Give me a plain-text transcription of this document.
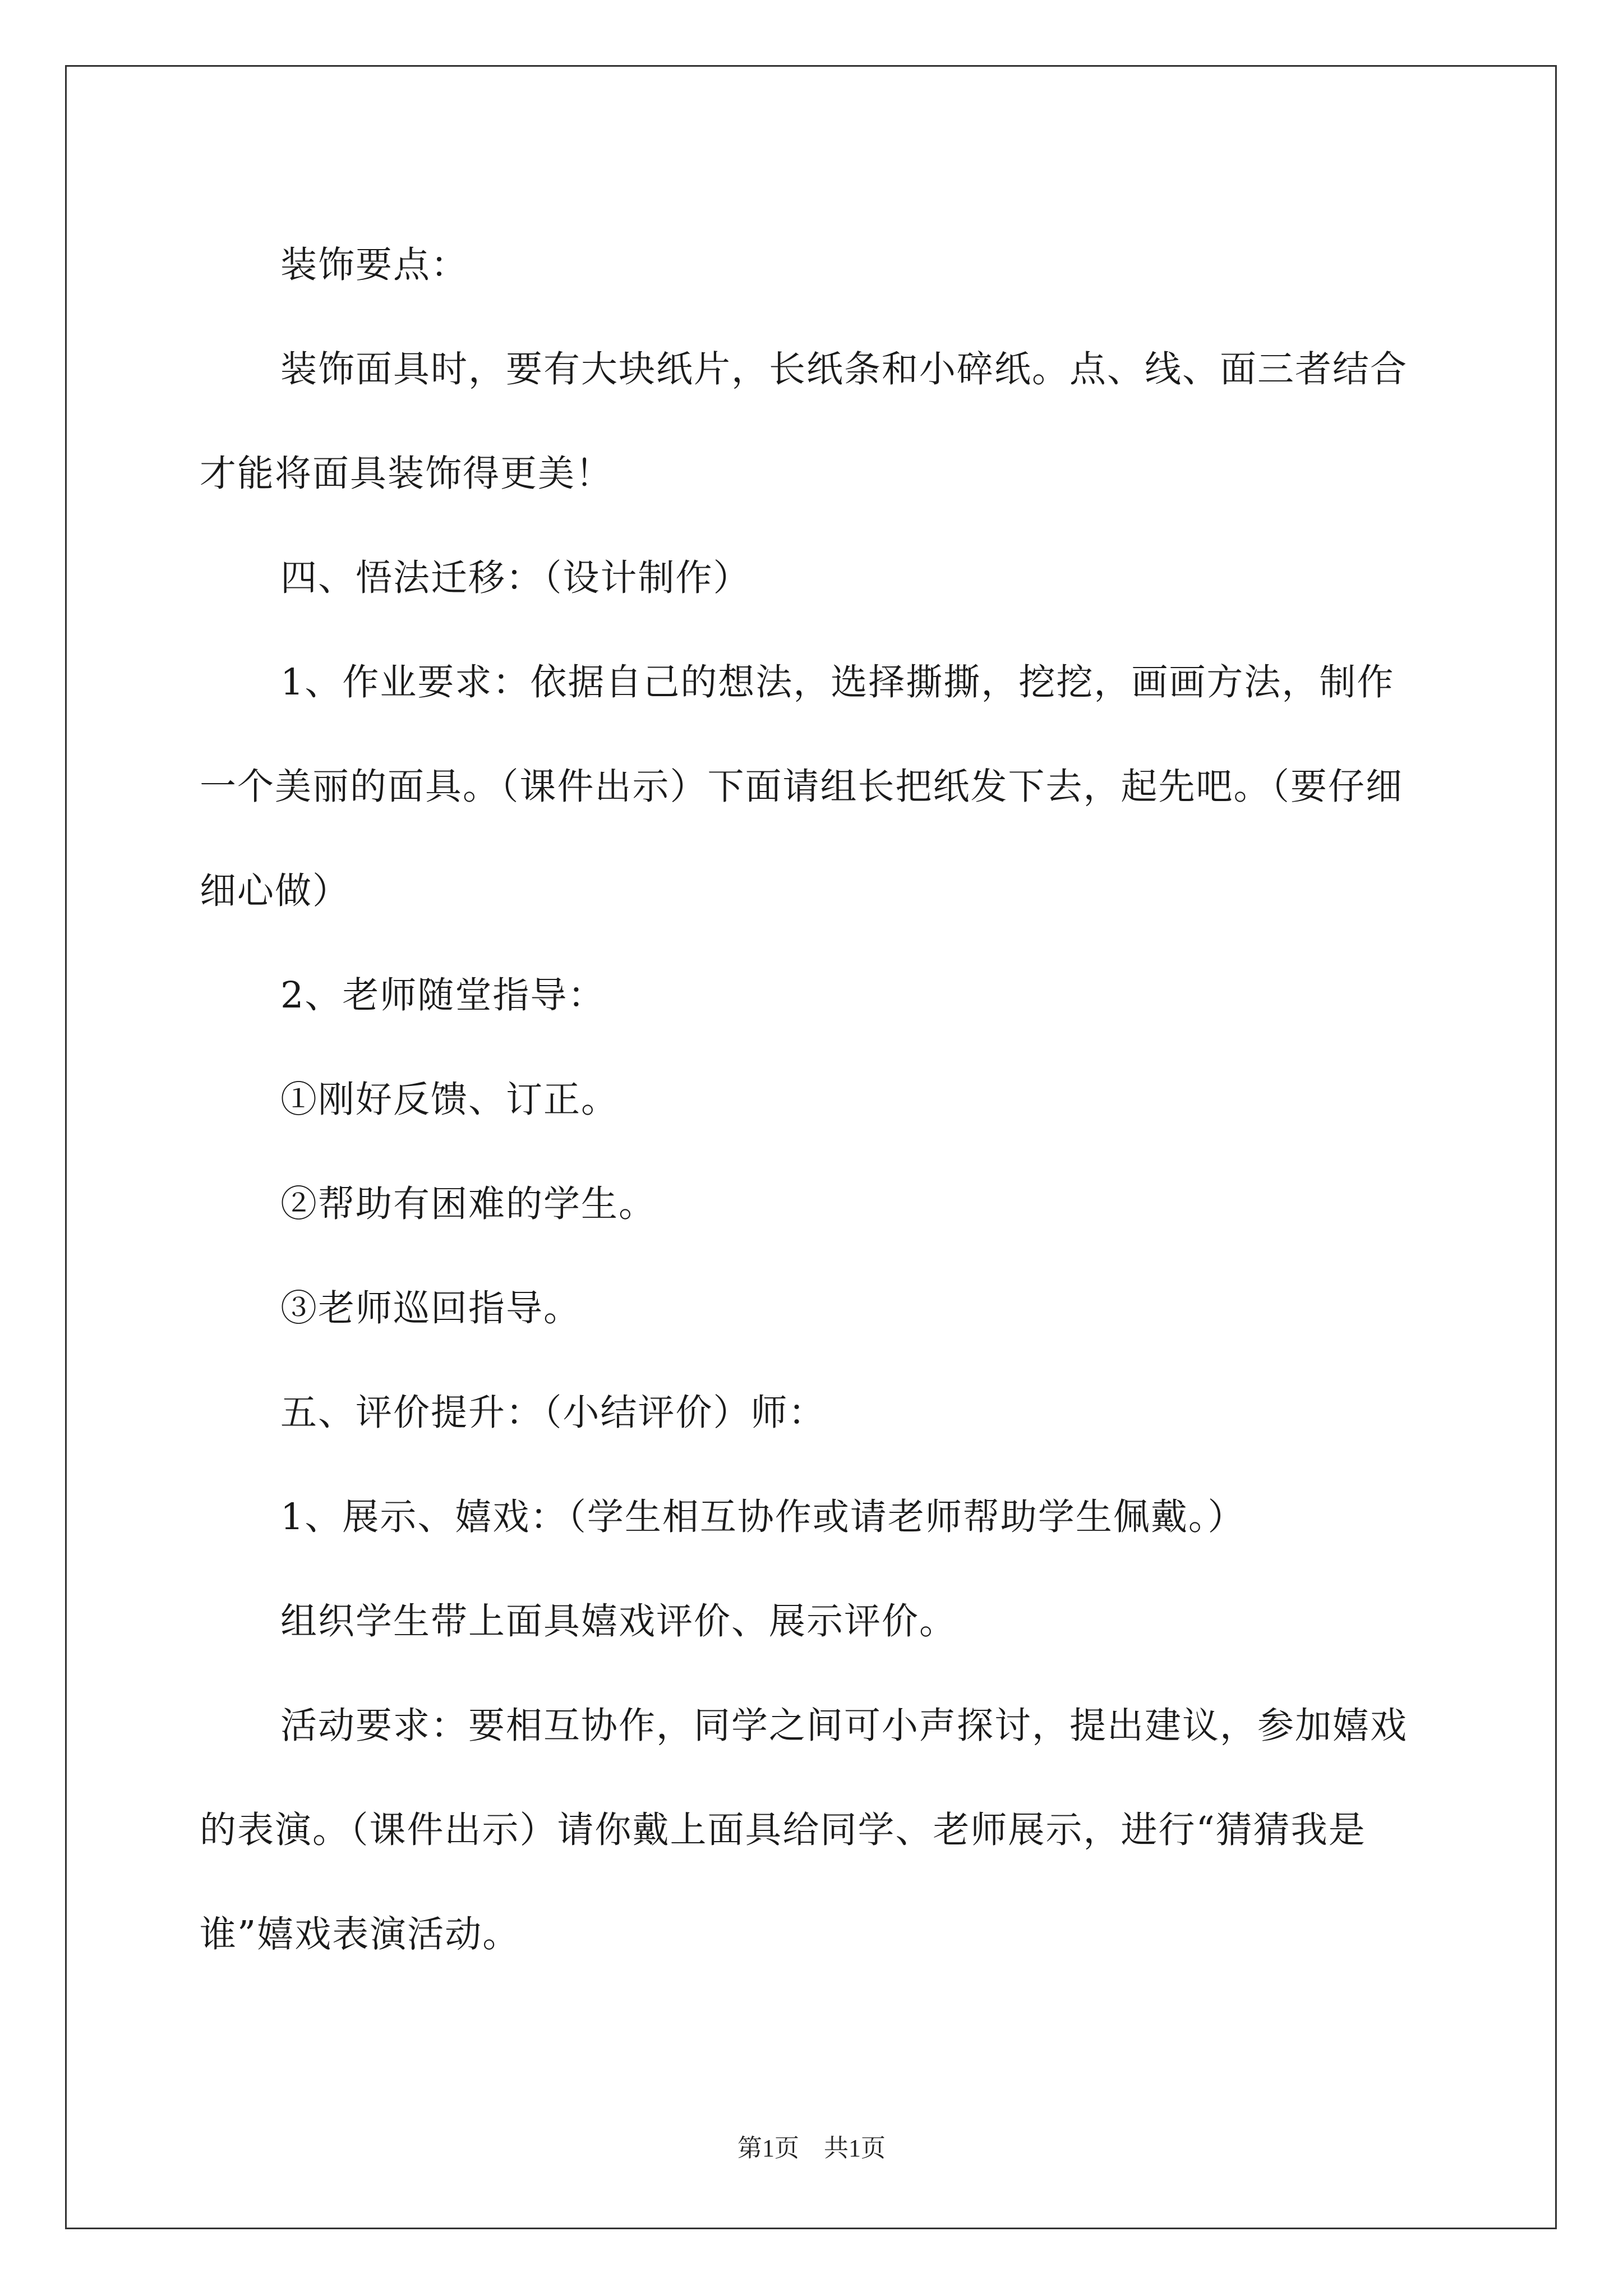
装饰要点：

装饰面具时，要有大块纸片，长纸条和小碎纸。点、线、面三者结合才能将面具装饰得更美！

四、悟法迁移：（设计制作）

1、作业要求：依据自己的想法，选择撕撕，挖挖，画画方法，制作一个美丽的面具。（课件出示）下面请组长把纸发下去，起先吧。（要仔细细心做）

2、老师随堂指导：

①刚好反馈、订正。

②帮助有困难的学生。

③老师巡回指导。

五、评价提升：（小结评价）师：

1、展示、嬉戏：（学生相互协作或请老师帮助学生佩戴。）

组织学生带上面具嬉戏评价、展示评价。

活动要求：要相互协作，同学之间可小声探讨，提出建议，参加嬉戏的表演。（课件出示）请你戴上面具给同学、老师展示，进行“猜猜我是谁”嬉戏表演活动。

第1页　共1页
